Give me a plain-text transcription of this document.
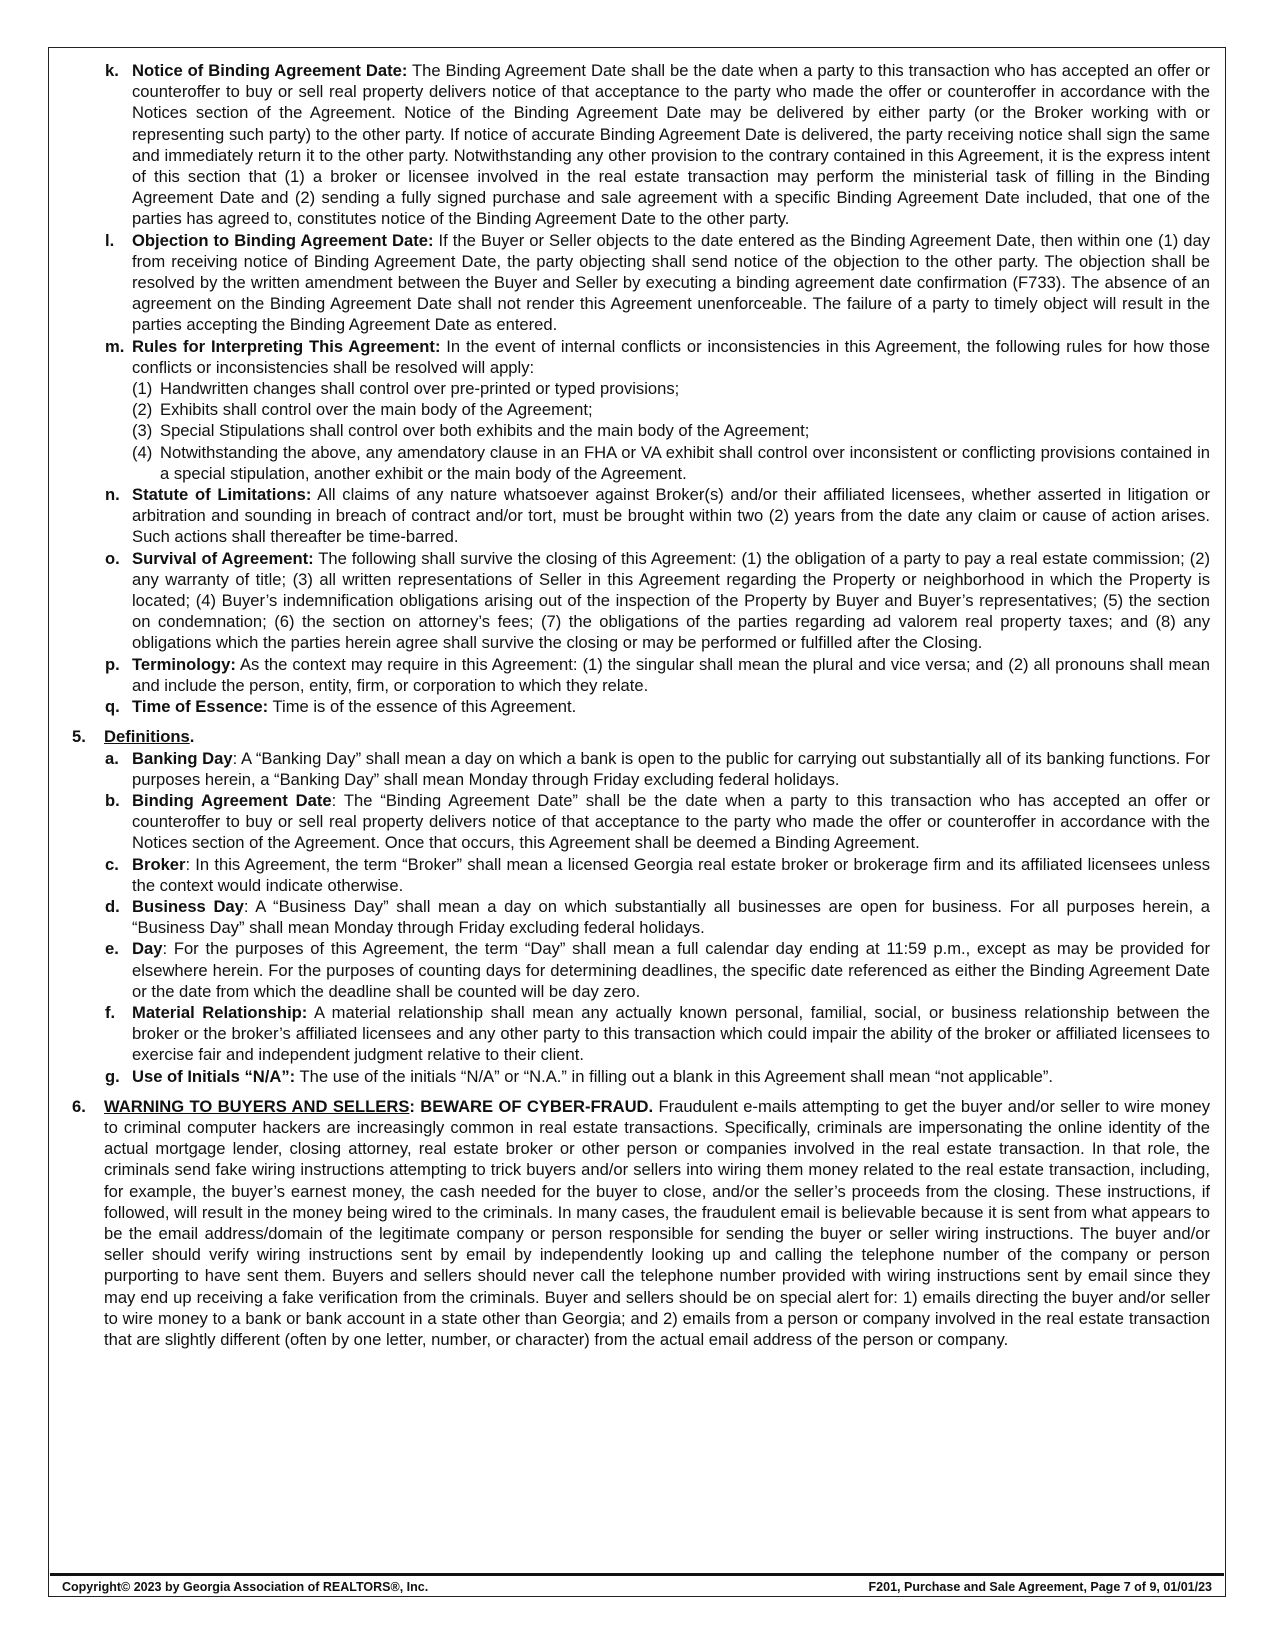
k. Notice of Binding Agreement Date: The Binding Agreement Date shall be the date when a party to this transaction who has accepted an offer or counteroffer to buy or sell real property delivers notice of that acceptance to the party who made the offer or counteroffer in accordance with the Notices section of the Agreement. Notice of the Binding Agreement Date may be delivered by either party (or the Broker working with or representing such party) to the other party. If notice of accurate Binding Agreement Date is delivered, the party receiving notice shall sign the same and immediately return it to the other party. Notwithstanding any other provision to the contrary contained in this Agreement, it is the express intent of this section that (1) a broker or licensee involved in the real estate transaction may perform the ministerial task of filling in the Binding Agreement Date and (2) sending a fully signed purchase and sale agreement with a specific Binding Agreement Date included, that one of the parties has agreed to, constitutes notice of the Binding Agreement Date to the other party.
l. Objection to Binding Agreement Date: If the Buyer or Seller objects to the date entered as the Binding Agreement Date, then within one (1) day from receiving notice of Binding Agreement Date, the party objecting shall send notice of the objection to the other party. The objection shall be resolved by the written amendment between the Buyer and Seller by executing a binding agreement date confirmation (F733). The absence of an agreement on the Binding Agreement Date shall not render this Agreement unenforceable. The failure of a party to timely object will result in the parties accepting the Binding Agreement Date as entered.
m. Rules for Interpreting This Agreement: In the event of internal conflicts or inconsistencies in this Agreement, the following rules for how those conflicts or inconsistencies shall be resolved will apply:
(1) Handwritten changes shall control over pre-printed or typed provisions;
(2) Exhibits shall control over the main body of the Agreement;
(3) Special Stipulations shall control over both exhibits and the main body of the Agreement;
(4) Notwithstanding the above, any amendatory clause in an FHA or VA exhibit shall control over inconsistent or conflicting provisions contained in a special stipulation, another exhibit or the main body of the Agreement.
n. Statute of Limitations: All claims of any nature whatsoever against Broker(s) and/or their affiliated licensees, whether asserted in litigation or arbitration and sounding in breach of contract and/or tort, must be brought within two (2) years from the date any claim or cause of action arises. Such actions shall thereafter be time-barred.
o. Survival of Agreement: The following shall survive the closing of this Agreement: (1) the obligation of a party to pay a real estate commission; (2) any warranty of title; (3) all written representations of Seller in this Agreement regarding the Property or neighborhood in which the Property is located; (4) Buyer’s indemnification obligations arising out of the inspection of the Property by Buyer and Buyer’s representatives; (5) the section on condemnation; (6) the section on attorney’s fees; (7) the obligations of the parties regarding ad valorem real property taxes; and (8) any obligations which the parties herein agree shall survive the closing or may be performed or fulfilled after the Closing.
p. Terminology: As the context may require in this Agreement: (1) the singular shall mean the plural and vice versa; and (2) all pronouns shall mean and include the person, entity, firm, or corporation to which they relate.
q. Time of Essence: Time is of the essence of this Agreement.
5. Definitions.
a. Banking Day: A “Banking Day” shall mean a day on which a bank is open to the public for carrying out substantially all of its banking functions. For purposes herein, a “Banking Day” shall mean Monday through Friday excluding federal holidays.
b. Binding Agreement Date: The “Binding Agreement Date” shall be the date when a party to this transaction who has accepted an offer or counteroffer to buy or sell real property delivers notice of that acceptance to the party who made the offer or counteroffer in accordance with the Notices section of the Agreement. Once that occurs, this Agreement shall be deemed a Binding Agreement.
c. Broker: In this Agreement, the term “Broker” shall mean a licensed Georgia real estate broker or brokerage firm and its affiliated licensees unless the context would indicate otherwise.
d. Business Day: A “Business Day” shall mean a day on which substantially all businesses are open for business. For all purposes herein, a “Business Day” shall mean Monday through Friday excluding federal holidays.
e. Day: For the purposes of this Agreement, the term “Day” shall mean a full calendar day ending at 11:59 p.m., except as may be provided for elsewhere herein. For the purposes of counting days for determining deadlines, the specific date referenced as either the Binding Agreement Date or the date from which the deadline shall be counted will be day zero.
f. Material Relationship: A material relationship shall mean any actually known personal, familial, social, or business relationship between the broker or the broker’s affiliated licensees and any other party to this transaction which could impair the ability of the broker or affiliated licensees to exercise fair and independent judgment relative to their client.
g. Use of Initials “N/A”: The use of the initials “N/A” or “N.A.” in filling out a blank in this Agreement shall mean “not applicable”.
6. WARNING TO BUYERS AND SELLERS: BEWARE OF CYBER-FRAUD. Fraudulent e-mails attempting to get the buyer and/or seller to wire money to criminal computer hackers are increasingly common in real estate transactions. Specifically, criminals are impersonating the online identity of the actual mortgage lender, closing attorney, real estate broker or other person or companies involved in the real estate transaction. In that role, the criminals send fake wiring instructions attempting to trick buyers and/or sellers into wiring them money related to the real estate transaction, including, for example, the buyer’s earnest money, the cash needed for the buyer to close, and/or the seller’s proceeds from the closing. These instructions, if followed, will result in the money being wired to the criminals. In many cases, the fraudulent email is believable because it is sent from what appears to be the email address/domain of the legitimate company or person responsible for sending the buyer or seller wiring instructions. The buyer and/or seller should verify wiring instructions sent by email by independently looking up and calling the telephone number of the company or person purporting to have sent them. Buyers and sellers should never call the telephone number provided with wiring instructions sent by email since they may end up receiving a fake verification from the criminals. Buyer and sellers should be on special alert for: 1) emails directing the buyer and/or seller to wire money to a bank or bank account in a state other than Georgia; and 2) emails from a person or company involved in the real estate transaction that are slightly different (often by one letter, number, or character) from the actual email address of the person or company.
Copyright© 2023 by Georgia Association of REALTORS®, Inc.	F201, Purchase and Sale Agreement, Page 7 of 9, 01/01/23
